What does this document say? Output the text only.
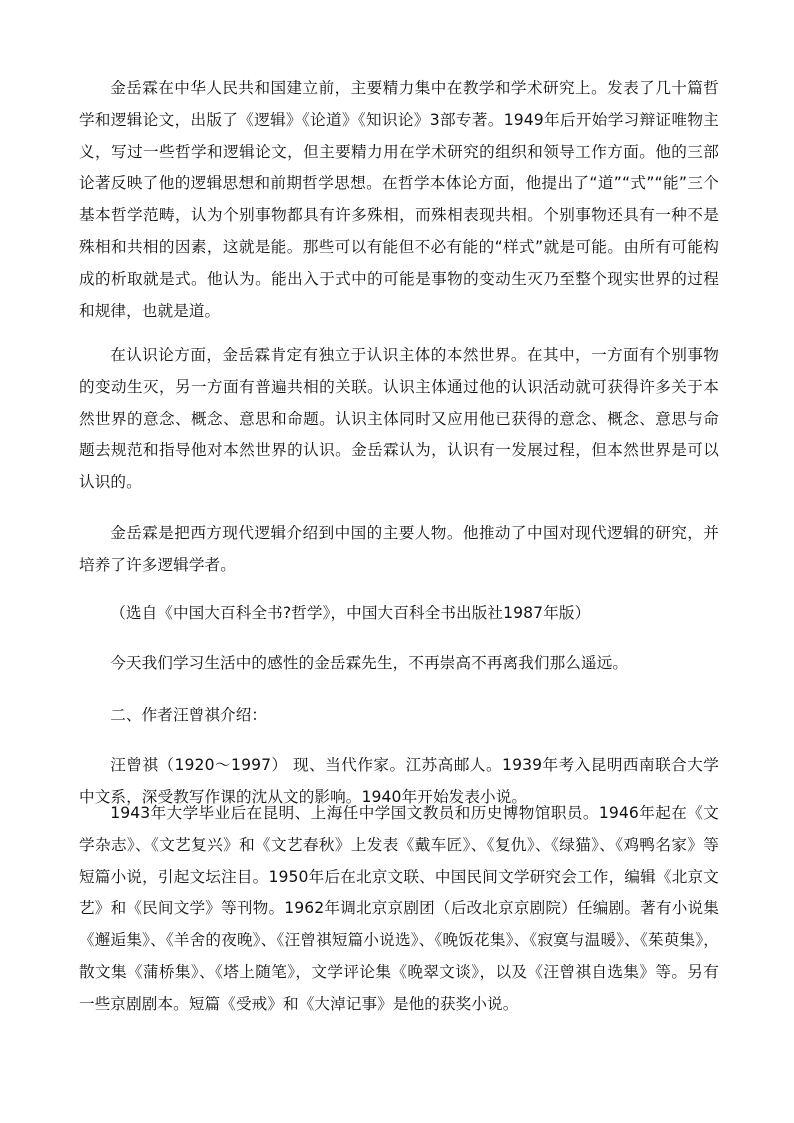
金岳霖在中华人民共和国建立前，主要精力集中在教学和学术研究上。发表了几十篇哲学和逻辑论文，出版了《逻辑》《论道》《知识论》3部专著。1949年后开始学习辩证唯物主义，写过一些哲学和逻辑论文，但主要精力用在学术研究的组织和领导工作方面。他的三部论著反映了他的逻辑思想和前期哲学思想。在哲学本体论方面，他提出了“道”“式”“能”三个基本哲学范畴，认为个别事物都具有许多殊相，而殊相表现共相。个别事物还具有一种不是殊相和共相的因素，这就是能。那些可以有能但不必有能的“样式”就是可能。由所有可能构成的析取就是式。他认为。能出入于式中的可能是事物的变动生灭乃至整个现实世界的过程和规律，也就是道。

在认识论方面，金岳霖肯定有独立于认识主体的本然世界。在其中，一方面有个别事物的变动生灭，另一方面有普遍共相的关联。认识主体通过他的认识活动就可获得许多关于本然世界的意念、概念、意思和命题。认识主体同时又应用他已获得的意念、概念、意思与命题去规范和指导他对本然世界的认识。金岳霖认为，认识有一发展过程，但本然世界是可以认识的。

金岳霖是把西方现代逻辑介绍到中国的主要人物。他推动了中国对现代逻辑的研究，并培养了许多逻辑学者。

（选自《中国大百科全书?哲学》，中国大百科全书出版社1987年版）

今天我们学习生活中的感性的金岳霖先生，不再崇高不再离我们那么遥远。

二、作者汪曾祺介绍：

汪曾祺（1920～1997） 现、当代作家。江苏高邮人。1939年考入昆明西南联合大学中文系，深受教写作课的沈从文的影响。1940年开始发表小说。

1943年大学毕业后在昆明、上海任中学国文教员和历史博物馆职员。1946年起在《文学杂志》、《文艺复兴》和《文艺春秋》上发表《戴车匠》、《复仇》、《绿猫》、《鸡鸭名家》等短篇小说，引起文坛注目。1950年后在北京文联、中国民间文学研究会工作，编辑《北京文艺》和《民间文学》等刊物。1962年调北京京剧团（后改北京京剧院）任编剧。著有小说集《邂逅集》、《羊舍的夜晚》、《汪曾祺短篇小说选》、《晚饭花集》、《寂寞与温暖》、《茱萸集》，散文集《蒲桥集》、《塔上随笔》，文学评论集《晚翠文谈》，以及《汪曾祺自选集》等。另有一些京剧剧本。短篇《受戒》和《大淖记事》是他的获奖小说。
